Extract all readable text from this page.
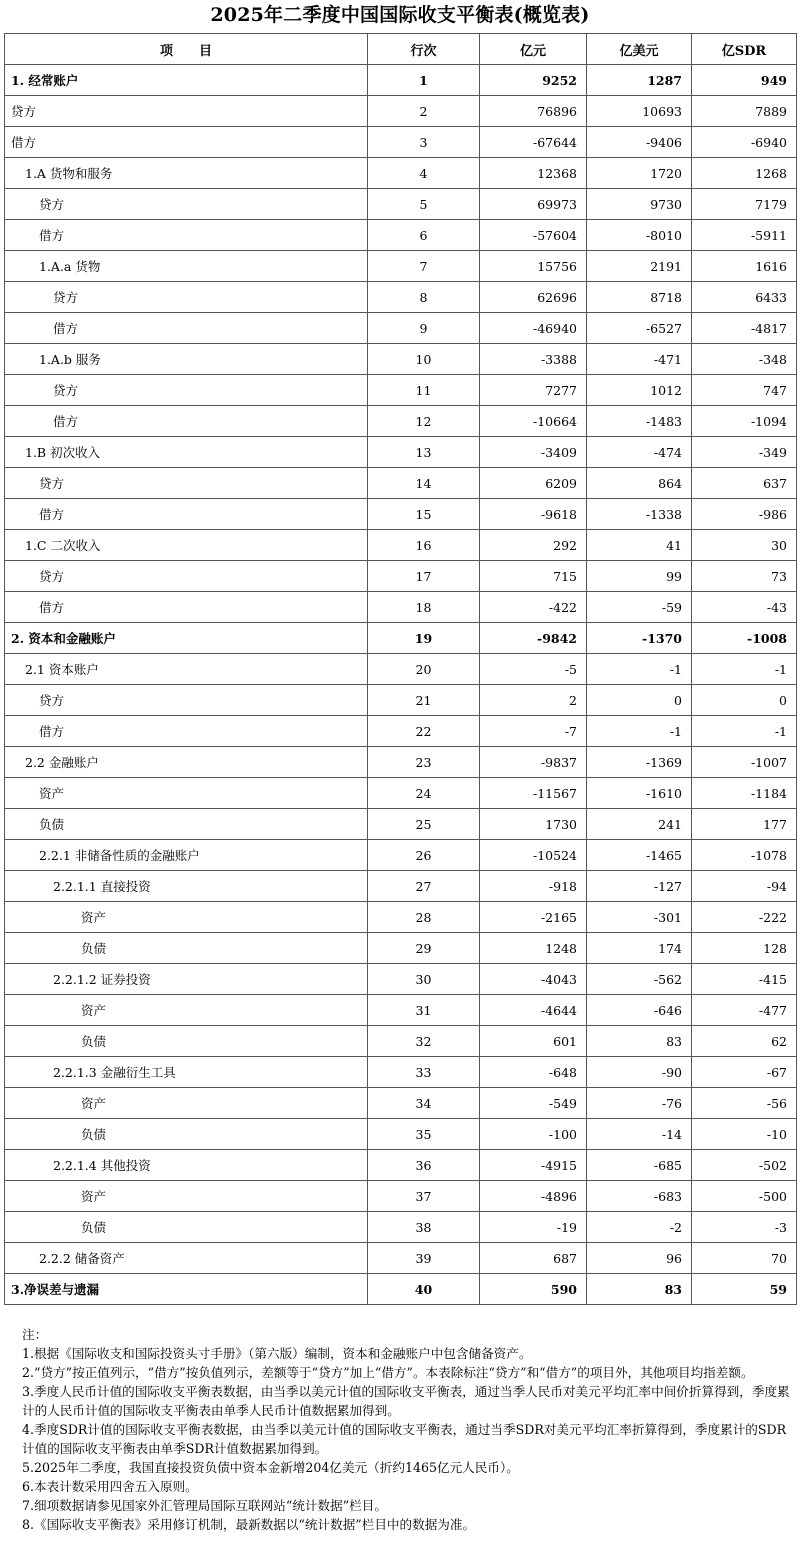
2025年二季度中国国际收支平衡表(概览表)
项　　目	行次	亿元	亿美元	亿SDR
1. 经常账户	1	9252	1287	949
贷方	2	76896	10693	7889
借方	3	-67644	-9406	-6940
1.A 货物和服务	4	12368	1720	1268
贷方	5	69973	9730	7179
借方	6	-57604	-8010	-5911
1.A.a 货物	7	15756	2191	1616
贷方	8	62696	8718	6433
借方	9	-46940	-6527	-4817
1.A.b 服务	10	-3388	-471	-348
贷方	11	7277	1012	747
借方	12	-10664	-1483	-1094
1.B 初次收入	13	-3409	-474	-349
贷方	14	6209	864	637
借方	15	-9618	-1338	-986
1.C 二次收入	16	292	41	30
贷方	17	715	99	73
借方	18	-422	-59	-43
2. 资本和金融账户	19	-9842	-1370	-1008
2.1 资本账户	20	-5	-1	-1
贷方	21	2	0	0
借方	22	-7	-1	-1
2.2 金融账户	23	-9837	-1369	-1007
资产	24	-11567	-1610	-1184
负债	25	1730	241	177
2.2.1 非储备性质的金融账户	26	-10524	-1465	-1078
2.2.1.1 直接投资	27	-918	-127	-94
资产	28	-2165	-301	-222
负债	29	1248	174	128
2.2.1.2 证券投资	30	-4043	-562	-415
资产	31	-4644	-646	-477
负债	32	601	83	62
2.2.1.3 金融衍生工具	33	-648	-90	-67
资产	34	-549	-76	-56
负债	35	-100	-14	-10
2.2.1.4 其他投资	36	-4915	-685	-502
资产	37	-4896	-683	-500
负债	38	-19	-2	-3
2.2.2 储备资产	39	687	96	70
3.净误差与遗漏	40	590	83	59
注：
1.根据《国际收支和国际投资头寸手册》（第六版）编制，资本和金融账户中包含储备资产。
2.“贷方”按正值列示，“借方”按负值列示，差额等于“贷方”加上“借方”。本表除标注“贷方”和“借方”的项目外，其他项目均指差额。
3.季度人民币计值的国际收支平衡表数据，由当季以美元计值的国际收支平衡表，通过当季人民币对美元平均汇率中间价折算得到，季度累计的人民币计值的国际收支平衡表由单季人民币计值数据累加得到。
4.季度SDR计值的国际收支平衡表数据，由当季以美元计值的国际收支平衡表，通过当季SDR对美元平均汇率折算得到，季度累计的SDR计值的国际收支平衡表由单季SDR计值数据累加得到。
5.2025年二季度，我国直接投资负债中资本金新增204亿美元（折约1465亿元人民币）。
6.本表计数采用四舍五入原则。
7.细项数据请参见国家外汇管理局国际互联网站“统计数据”栏目。
8.《国际收支平衡表》采用修订机制，最新数据以“统计数据”栏目中的数据为准。
